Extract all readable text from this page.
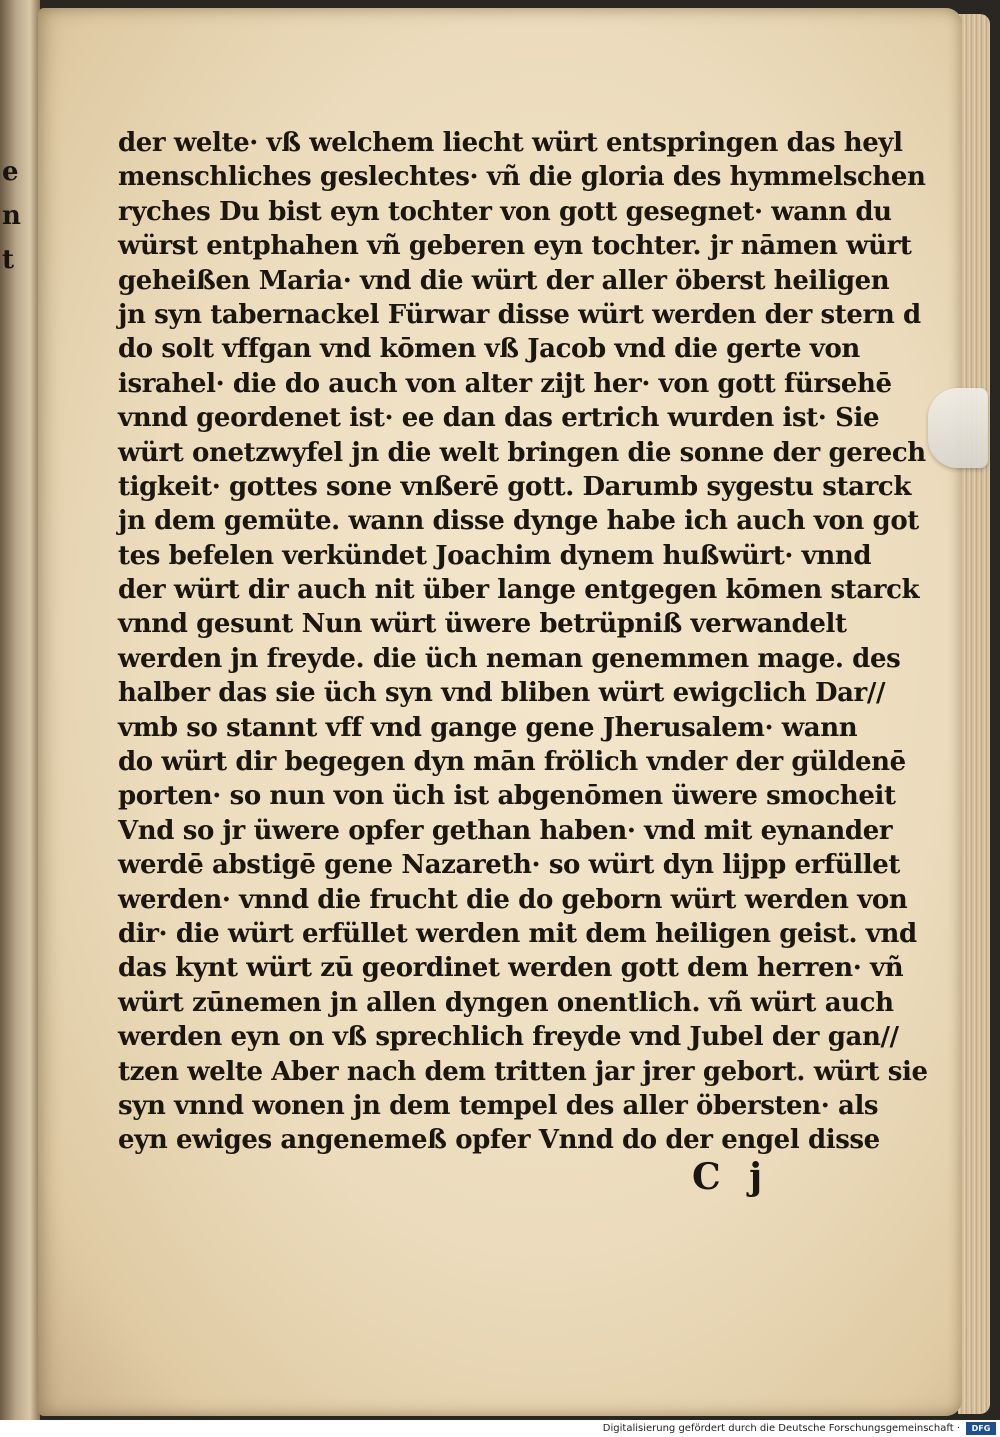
e
n
t
der welte· vß welchem liecht würt entspringen das heyl
menschliches geslechtes· vñ die gloria des hymmelschen
ryches Du bist eyn tochter von gott gesegnet· wann du
würst entphahen vñ geberen eyn tochter. jr nāmen würt
geheißen Maria· vnd die würt der aller öberst heiligen
jn syn tabernackel Fürwar disse würt werden der stern d
do solt vffgan vnd kōmen vß Jacob vnd die gerte von
israhel· die do auch von alter zijt her· von gott fürsehē
vnnd geordenet ist· ee dan das ertrich wurden ist· Sie
würt onetzwyfel jn die welt bringen die sonne der gerech
tigkeit· gottes sone vnßerē gott. Darumb sygestu starck
jn dem gemüte. wann disse dynge habe ich auch von got
tes befelen verkündet Joachim dynem hußwürt· vnnd
der würt dir auch nit über lange entgegen kōmen starck
vnnd gesunt Nun würt üwere betrüpniß verwandelt
werden jn freyde. die üch neman genemmen mage. des
halber das sie üch syn vnd bliben würt ewigclich Dar//
vmb so stannt vff vnd gange gene Jherusalem· wann
do würt dir begegen dyn mān frölich vnder der güldenē
porten· so nun von üch ist abgenōmen üwere smocheit
Vnd so jr üwere opfer gethan haben· vnd mit eynander
werdē abstigē gene Nazareth· so würt dyn lijpp erfüllet
werden· vnnd die frucht die do geborn würt werden von
dir· die würt erfüllet werden mit dem heiligen geist. vnd
das kynt würt zū geordinet werden gott dem herren· vñ
würt zūnemen jn allen dyngen onentlich. vñ würt auch
werden eyn on vß sprechlich freyde vnd Jubel der gan//
tzen welte Aber nach dem tritten jar jrer gebort. würt sie
syn vnnd wonen jn dem tempel des aller öbersten· als
eyn ewiges angenemeß opfer Vnnd do der engel disse
C j
Digitalisierung gefördert durch die Deutsche Forschungsgemeinschaft ·	DFG
